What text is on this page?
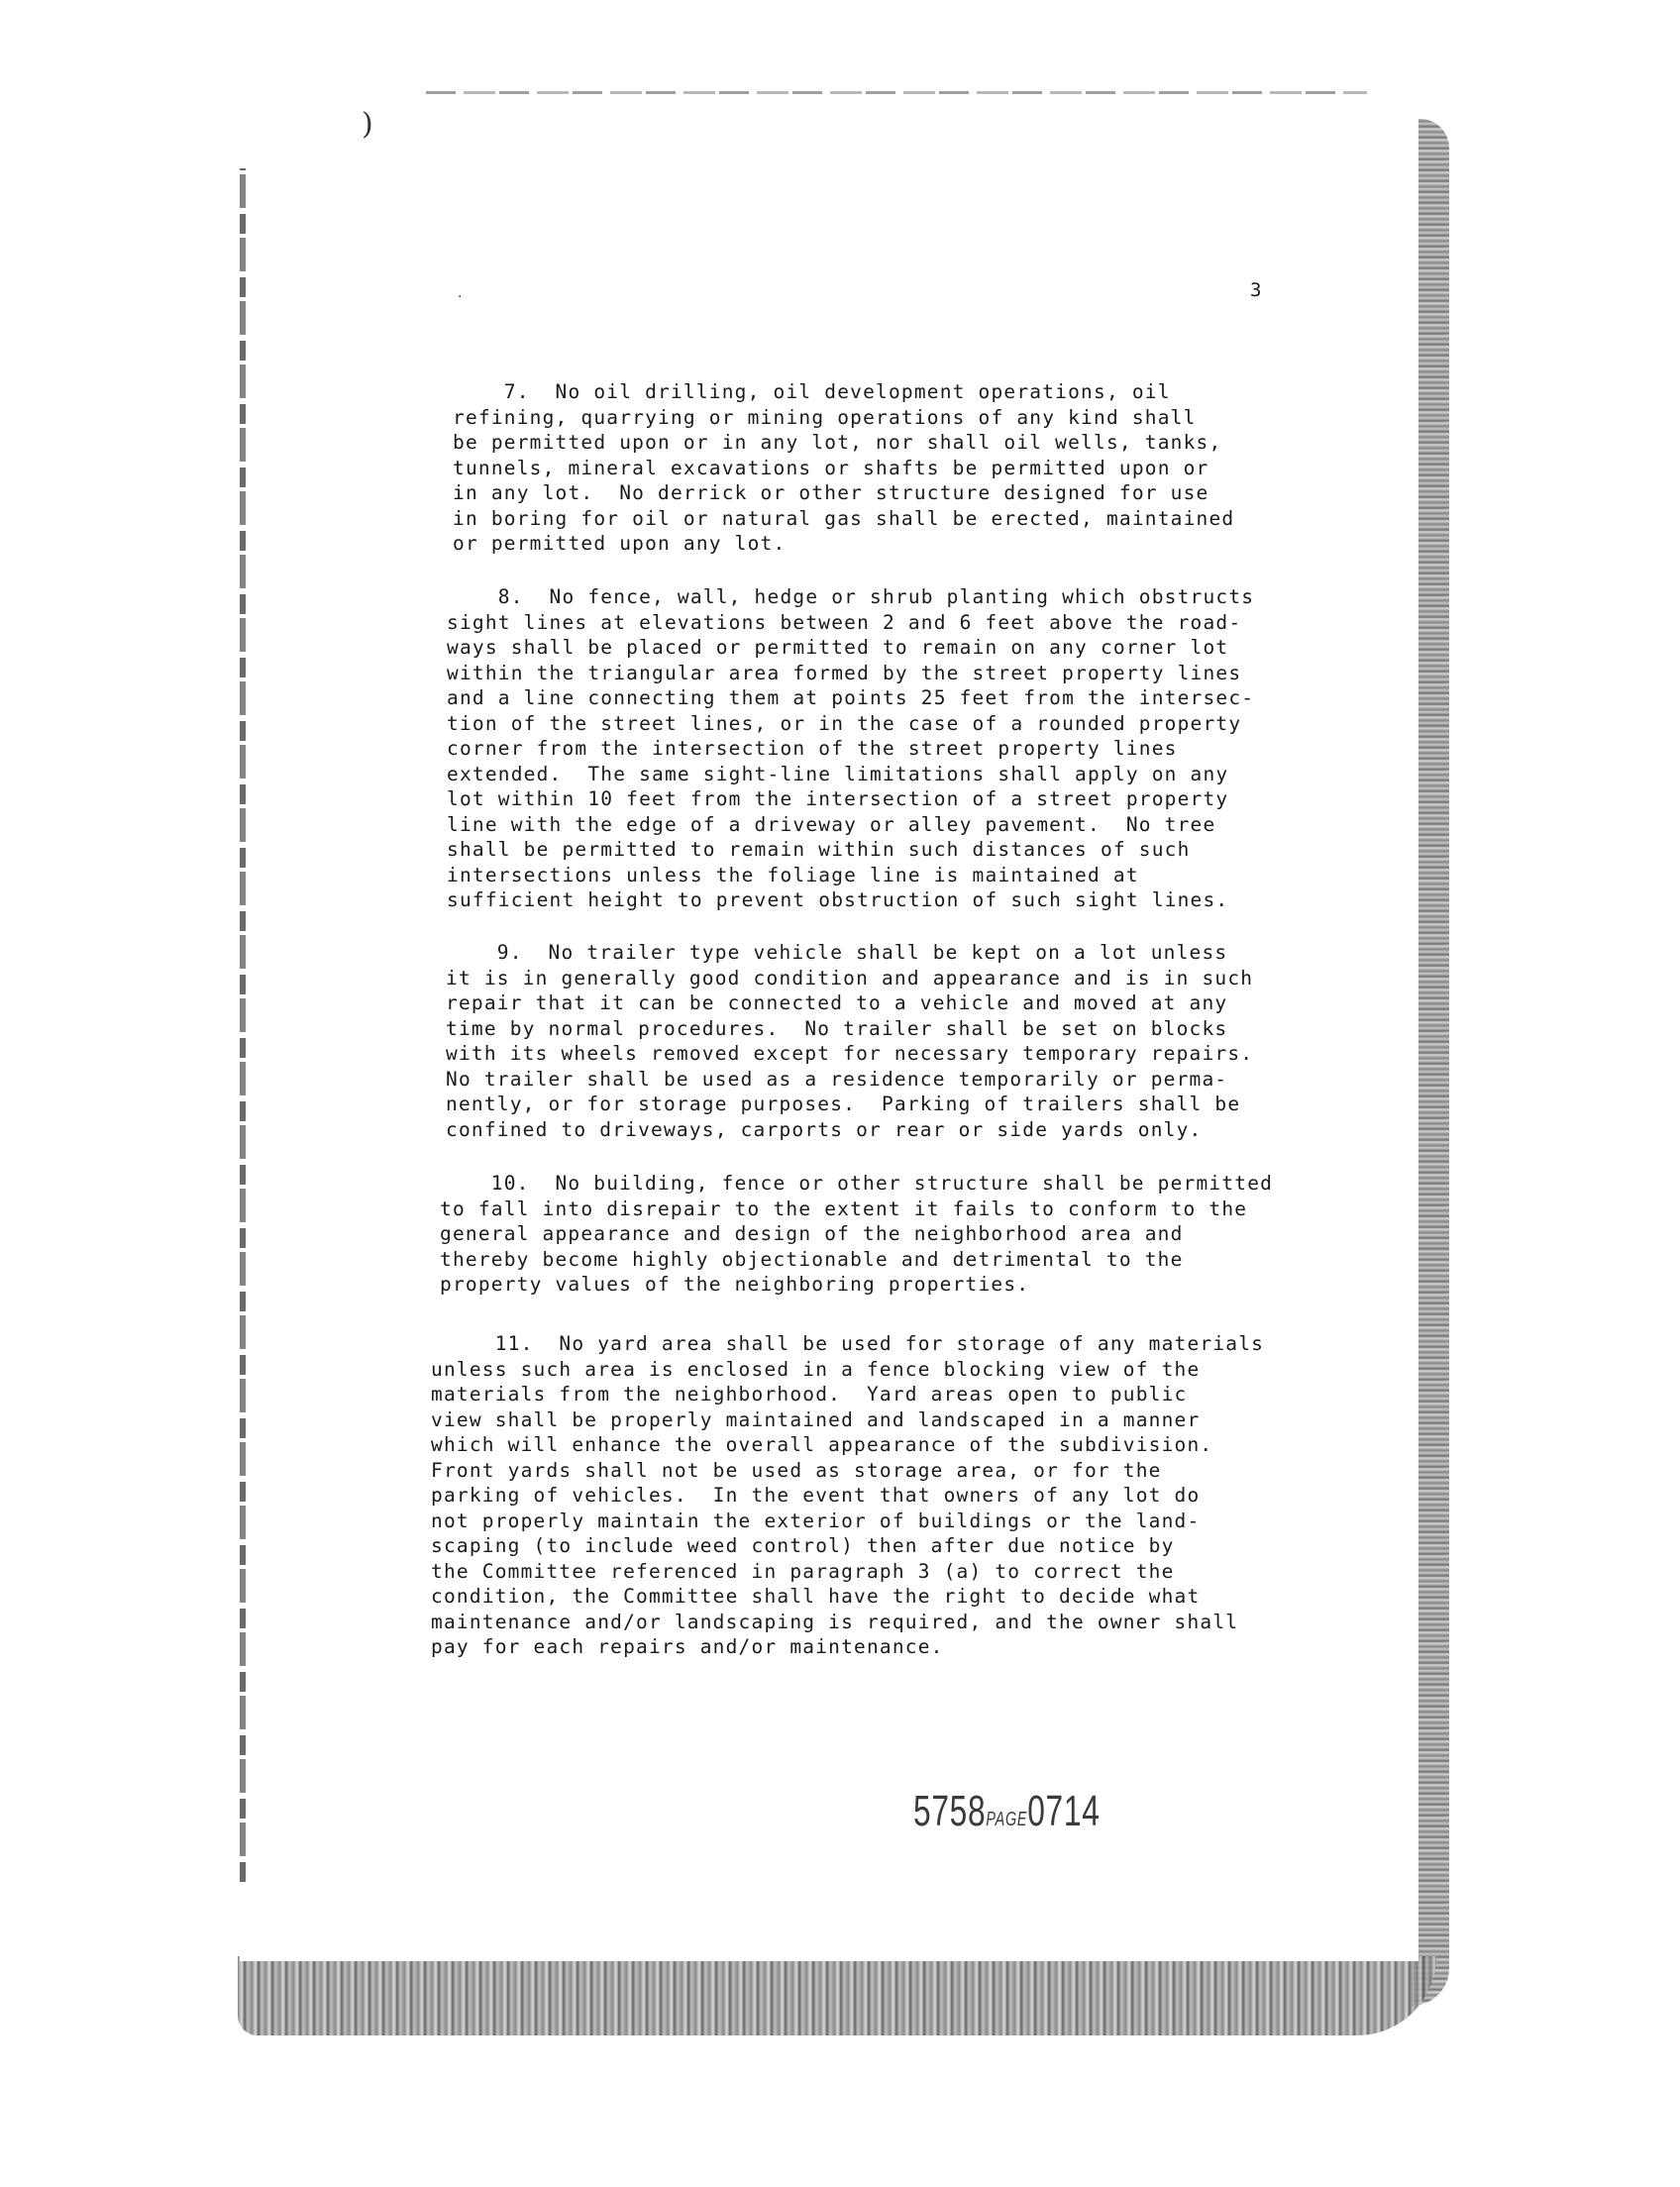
)
·	3

7.  No oil drilling, oil development operations, oil
refining, quarrying or mining operations of any kind shall
be permitted upon or in any lot, nor shall oil wells, tanks,
tunnels, mineral excavations or shafts be permitted upon or
in any lot.  No derrick or other structure designed for use
in boring for oil or natural gas shall be erected, maintained
or permitted upon any lot.

8.  No fence, wall, hedge or shrub planting which obstructs
sight lines at elevations between 2 and 6 feet above the road-
ways shall be placed or permitted to remain on any corner lot
within the triangular area formed by the street property lines
and a line connecting them at points 25 feet from the intersec-
tion of the street lines, or in the case of a rounded property
corner from the intersection of the street property lines
extended.  The same sight-line limitations shall apply on any
lot within 10 feet from the intersection of a street property
line with the edge of a driveway or alley pavement.  No tree
shall be permitted to remain within such distances of such
intersections unless the foliage line is maintained at
sufficient height to prevent obstruction of such sight lines.

9.  No trailer type vehicle shall be kept on a lot unless
it is in generally good condition and appearance and is in such
repair that it can be connected to a vehicle and moved at any
time by normal procedures.  No trailer shall be set on blocks
with its wheels removed except for necessary temporary repairs.
No trailer shall be used as a residence temporarily or perma-
nently, or for storage purposes.  Parking of trailers shall be
confined to driveways, carports or rear or side yards only.

10.  No building, fence or other structure shall be permitted
to fall into disrepair to the extent it fails to conform to the
general appearance and design of the neighborhood area and
thereby become highly objectionable and detrimental to the
property values of the neighboring properties.

11.  No yard area shall be used for storage of any materials
unless such area is enclosed in a fence blocking view of the
materials from the neighborhood.  Yard areas open to public
view shall be properly maintained and landscaped in a manner
which will enhance the overall appearance of the subdivision.
Front yards shall not be used as storage area, or for the
parking of vehicles.  In the event that owners of any lot do
not properly maintain the exterior of buildings or the land-
scaping (to include weed control) then after due notice by
the Committee referenced in paragraph 3 (a) to correct the
condition, the Committee shall have the right to decide what
maintenance and/or landscaping is required, and the owner shall
pay for each repairs and/or maintenance.

5758PAGE0714
